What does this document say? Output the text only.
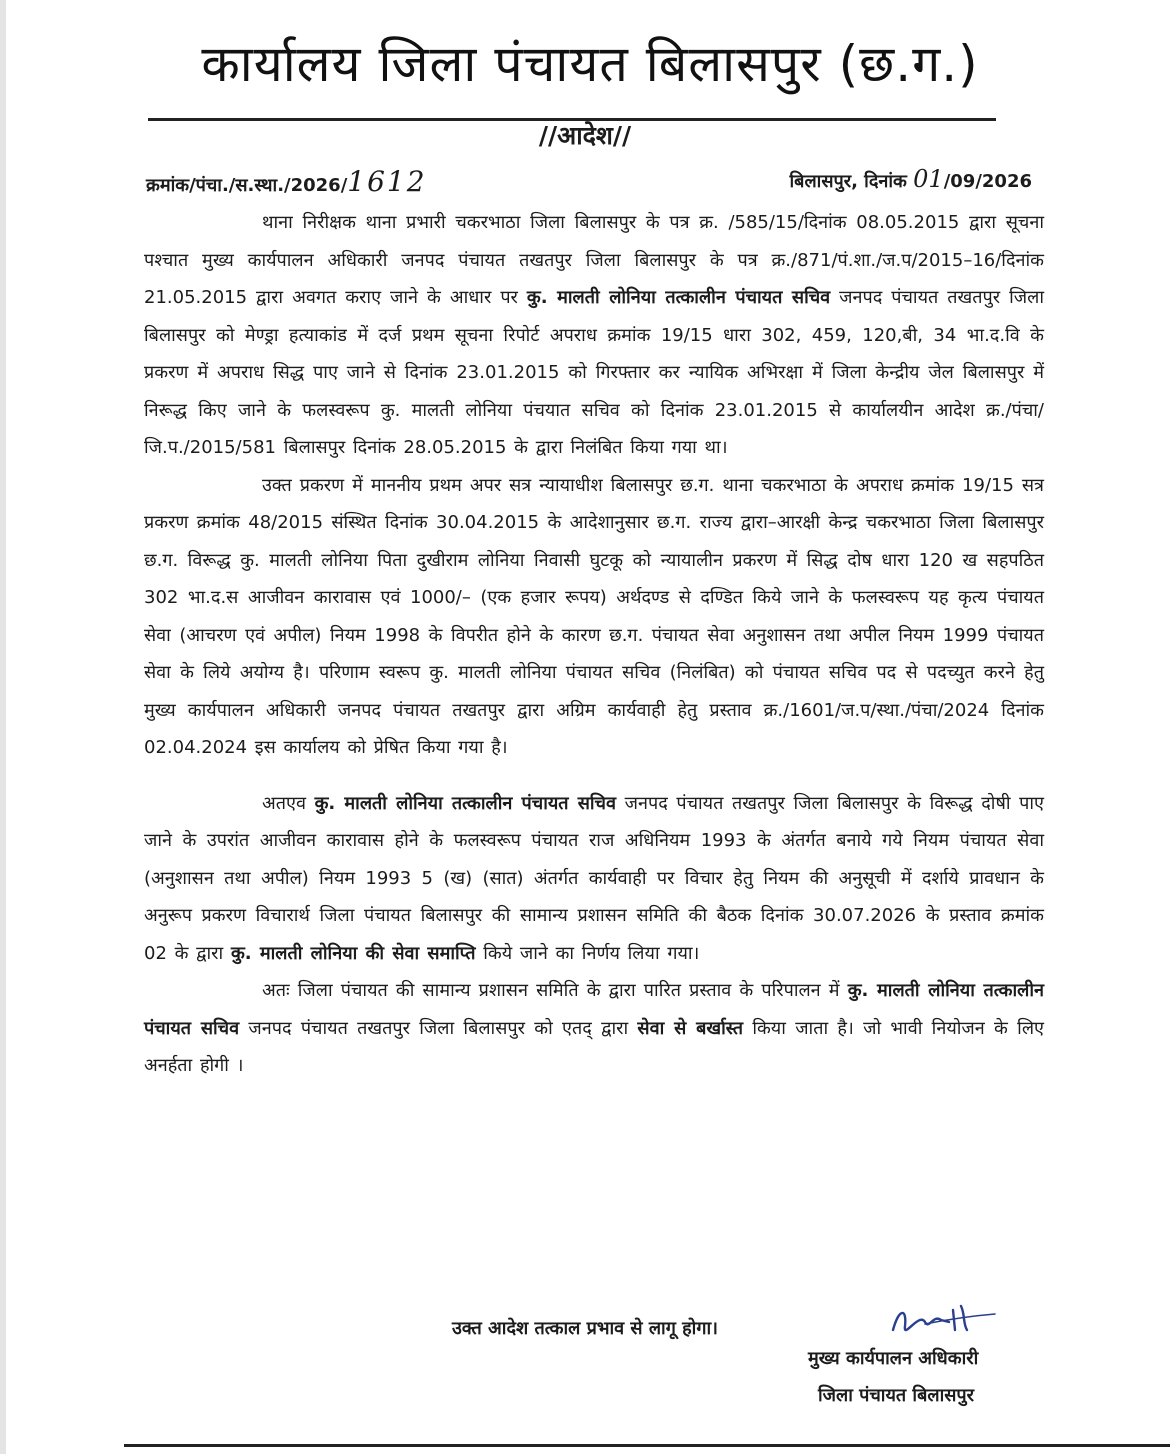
कार्यालय जिला पंचायत बिलासपुर (छ.ग.)
//आदेश//
क्रमांक/पंचा./स.स्था./2026/1612	बिलासपुर, दिनांक 01/09/2026

थाना निरीक्षक थाना प्रभारी चकरभाठा जिला बिलासपुर के पत्र क्र. /585/15/दिनांक 08.05.2015 द्वारा सूचना पश्चात मुख्य कार्यपालन अधिकारी जनपद पंचायत तखतपुर जिला बिलासपुर के पत्र क्र./871/पं.शा./ज.प/2015–16/दिनांक 21.05.2015 द्वारा अवगत कराए जाने के आधार पर कु. मालती लोनिया तत्कालीन पंचायत सचिव जनपद पंचायत तखतपुर जिला बिलासपुर को मेण्ड्रा हत्याकांड में दर्ज प्रथम सूचना रिपोर्ट अपराध क्रमांक 19/15 धारा 302, 459, 120,बी, 34 भा.द.वि के प्रकरण में अपराध सिद्ध पाए जाने से दिनांक 23.01.2015 को गिरफ्तार कर न्यायिक अभिरक्षा में जिला केन्द्रीय जेल बिलासपुर में निरूद्ध किए जाने के फलस्वरूप कु. मालती लोनिया पंचयात सचिव को दिनांक 23.01.2015 से कार्यालयीन आदेश क्र./पंचा/जि.प./2015/581 बिलासपुर दिनांक 28.05.2015 के द्वारा निलंबित किया गया था।

उक्त प्रकरण में माननीय प्रथम अपर सत्र न्यायाधीश बिलासपुर छ.ग. थाना चकरभाठा के अपराध क्रमांक 19/15 सत्र प्रकरण क्रमांक 48/2015 संस्थित दिनांक 30.04.2015 के आदेशानुसार छ.ग. राज्य द्वारा–आरक्षी केन्द्र चकरभाठा जिला बिलासपुर छ.ग. विरूद्ध कु. मालती लोनिया पिता दुखीराम लोनिया निवासी घुटकू को न्यायालीन प्रकरण में सिद्ध दोष धारा 120 ख सहपठित 302 भा.द.स आजीवन कारावास एवं 1000/– (एक हजार रूपय) अर्थदण्ड से दण्डित किये जाने के फलस्वरूप यह कृत्य पंचायत सेवा (आचरण एवं अपील) नियम 1998 के विपरीत होने के कारण छ.ग. पंचायत सेवा अनुशासन तथा अपील नियम 1999 पंचायत सेवा के लिये अयोग्य है। परिणाम स्वरूप कु. मालती लोनिया पंचायत सचिव (निलंबित) को पंचायत सचिव पद से पदच्युत करने हेतु मुख्य कार्यपालन अधिकारी जनपद पंचायत तखतपुर द्वारा अग्रिम कार्यवाही हेतु प्रस्ताव क्र./1601/ज.प/स्था./पंचा/2024 दिनांक 02.04.2024 इस कार्यालय को प्रेषित किया गया है।

अतएव कु. मालती लोनिया तत्कालीन पंचायत सचिव जनपद पंचायत तखतपुर जिला बिलासपुर के विरूद्ध दोषी पाए जाने के उपरांत आजीवन कारावास होने के फलस्वरूप पंचायत राज अधिनियम 1993 के अंतर्गत बनाये गये नियम पंचायत सेवा (अनुशासन तथा अपील) नियम 1993 5 (ख) (सात) अंतर्गत कार्यवाही पर विचार हेतु नियम की अनुसूची में दर्शाये प्रावधान के अनुरूप प्रकरण विचारार्थ जिला पंचायत बिलासपुर की सामान्य प्रशासन समिति की बैठक दिनांक 30.07.2026 के प्रस्ताव क्रमांक 02 के द्वारा कु. मालती लोनिया की सेवा समाप्ति किये जाने का निर्णय लिया गया।

अतः जिला पंचायत की सामान्य प्रशासन समिति के द्वारा पारित प्रस्ताव के परिपालन में कु. मालती लोनिया तत्कालीन पंचायत सचिव जनपद पंचायत तखतपुर जिला बिलासपुर को एतद् द्वारा सेवा से बर्खास्त किया जाता है। जो भावी नियोजन के लिए अनर्हता होगी ।

उक्त आदेश तत्काल प्रभाव से लागू होगा।
मुख्य कार्यपालन अधिकारी
जिला पंचायत बिलासपुर
